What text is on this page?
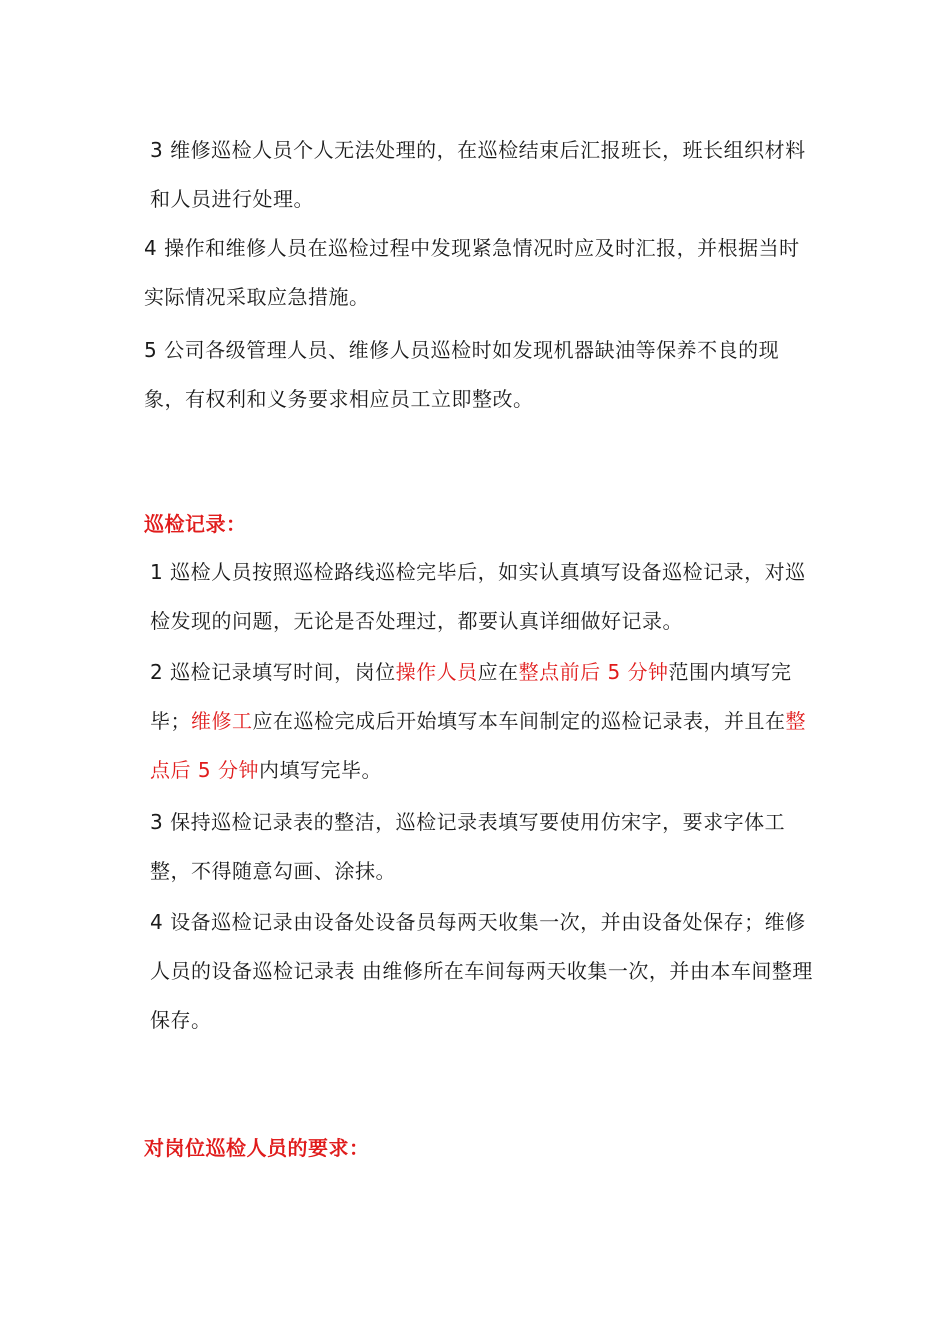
3 维修巡检人员个人无法处理的，在巡检结束后汇报班长，班长组织材料和人员进行处理。

4 操作和维修人员在巡检过程中发现紧急情况时应及时汇报，并根据当时实际情况采取应急措施。

5 公司各级管理人员、维修人员巡检时如发现机器缺油等保养不良的现象，有权利和义务要求相应员工立即整改。

巡检记录：

1 巡检人员按照巡检路线巡检完毕后，如实认真填写设备巡检记录，对巡检发现的问题，无论是否处理过，都要认真详细做好记录。

2 巡检记录填写时间，岗位操作人员应在整点前后 5 分钟范围内填写完毕；维修工应在巡检完成后开始填写本车间制定的巡检记录表，并且在整点后 5 分钟内填写完毕。

3 保持巡检记录表的整洁，巡检记录表填写要使用仿宋字，要求字体工整，不得随意勾画、涂抹。

4 设备巡检记录由设备处设备员每两天收集一次，并由设备处保存；维修人员的设备巡检记录表 由维修所在车间每两天收集一次，并由本车间整理保存。

对岗位巡检人员的要求：
